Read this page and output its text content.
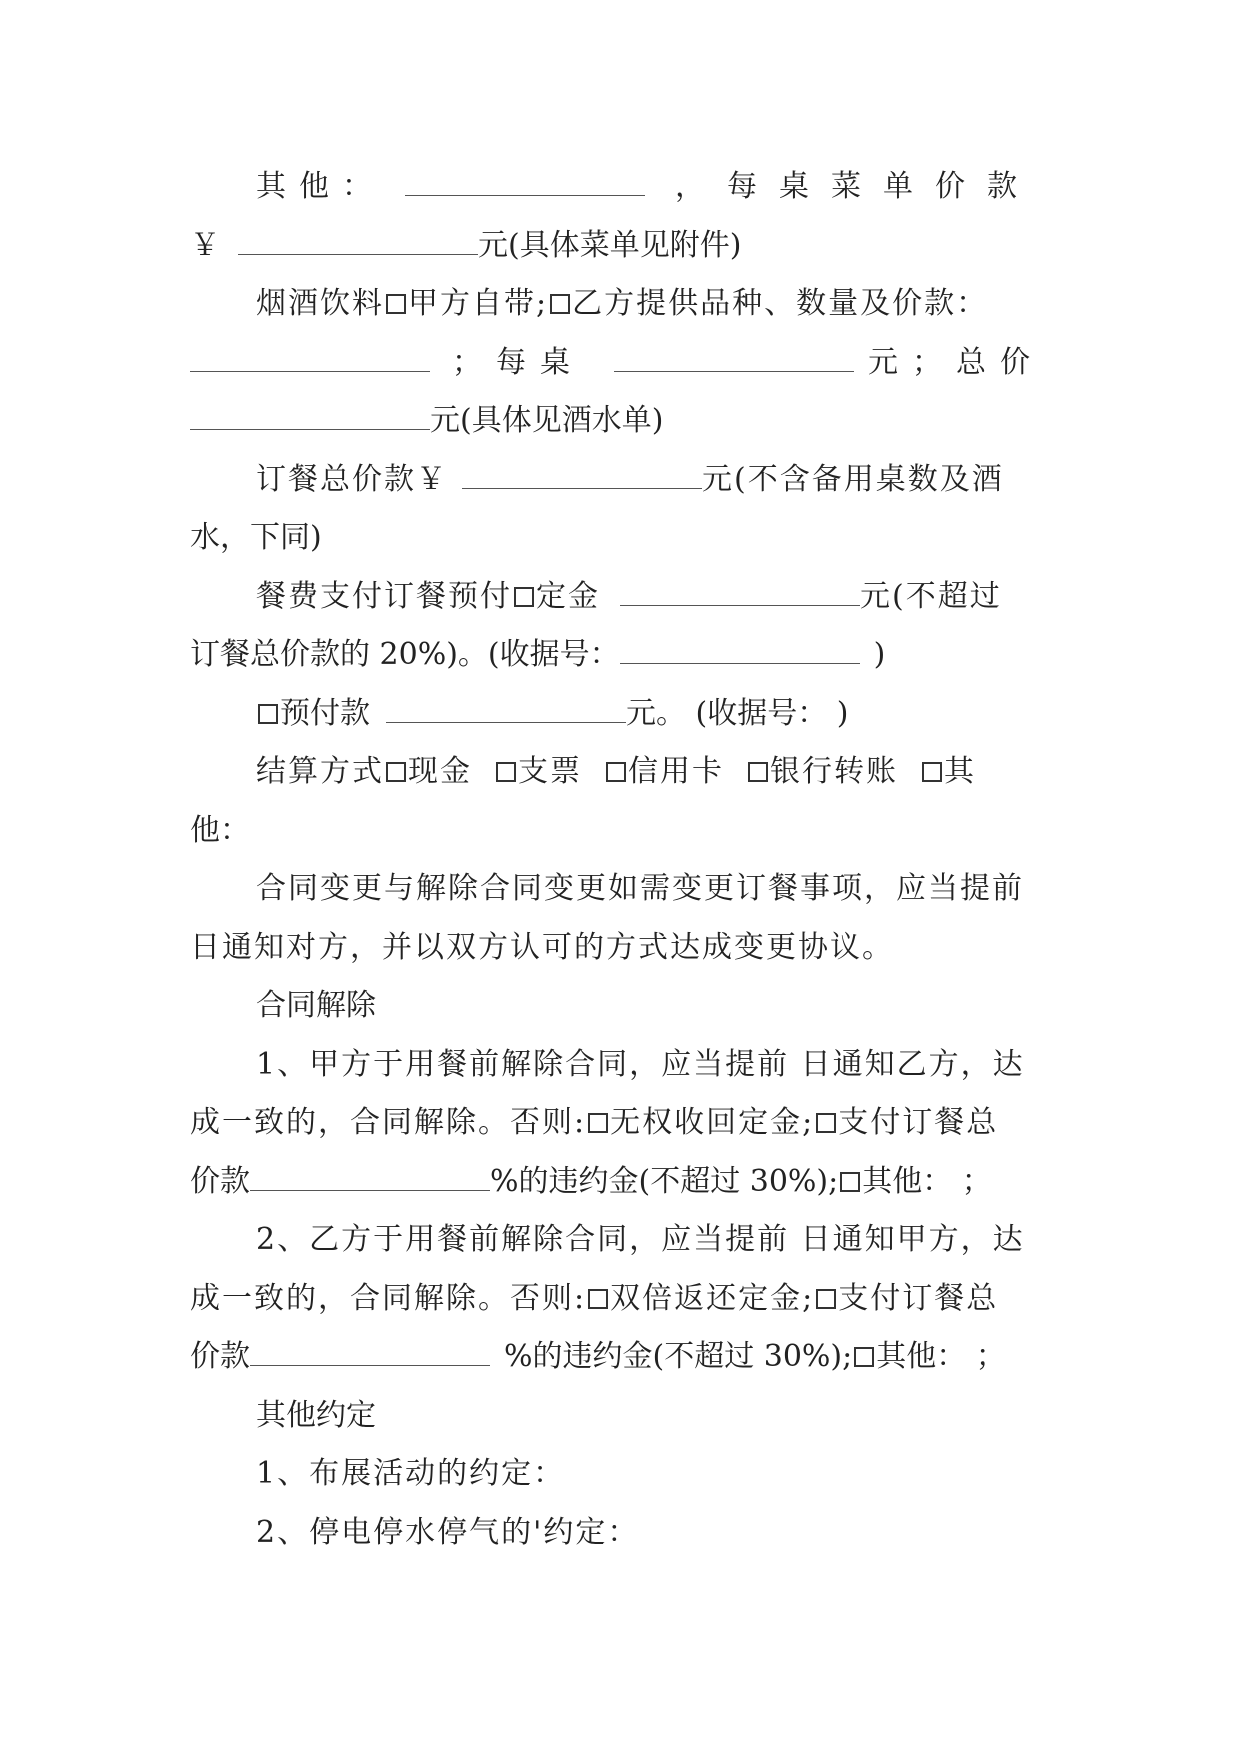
其他：	，每桌菜单价款
￥	元(具体菜单见附件)
烟酒饮料 甲方自带; 乙方提供品种、数量及价款：
；每桌	元；总价
元(具体见酒水单)
订餐总价款￥	元(不含备用桌数及酒
水，下同)
餐费支付订餐预付 定金	元(不超过
订餐总价款的 20%)。(收据号：	)
预付款	元。 (收据号： )
结算方式 现金 支票 信用卡 银行转账 其
他：
合同变更与解除合同变更如需变更订餐事项，应当提前
日通知对方，并以双方认可的方式达成变更协议。
合同解除
1、甲方于用餐前解除合同，应当提前 日通知乙方，达
成一致的，合同解除。否则: 无权收回定金; 支付订餐总
价款	%的违约金(不超过 30%); 其他： ；
2、乙方于用餐前解除合同，应当提前 日通知甲方，达
成一致的，合同解除。否则: 双倍返还定金; 支付订餐总
价款	%的违约金(不超过 30%); 其他： ；
其他约定
1、布展活动的约定：
2、停电停水停气的'约定：
